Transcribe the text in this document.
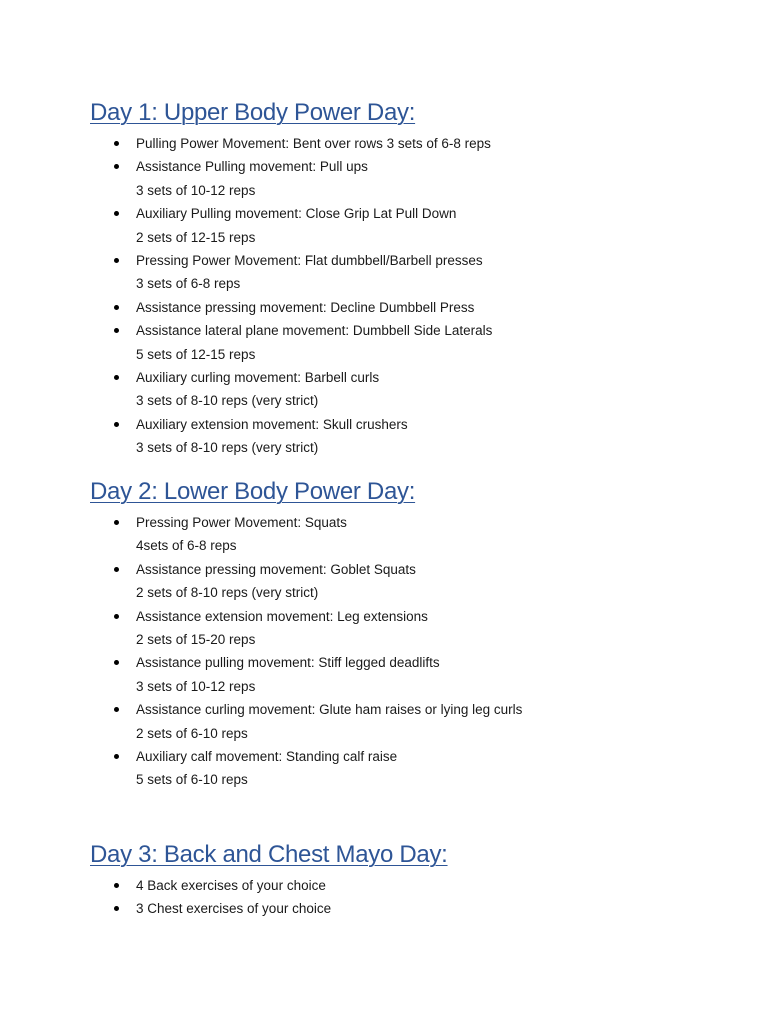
Day 1: Upper Body Power Day:
Pulling Power Movement: Bent over rows 3 sets of 6-8 reps
Assistance Pulling movement: Pull ups
3 sets of 10-12 reps
Auxiliary Pulling movement: Close Grip Lat Pull Down
2 sets of 12-15 reps
Pressing Power Movement: Flat dumbbell/Barbell presses
3 sets of 6-8 reps
Assistance pressing movement: Decline Dumbbell Press
Assistance lateral plane movement: Dumbbell Side Laterals
5 sets of 12-15 reps
Auxiliary curling movement: Barbell curls
3 sets of 8-10 reps (very strict)
Auxiliary extension movement: Skull crushers
3 sets of 8-10 reps (very strict)
Day 2: Lower Body Power Day:
Pressing Power Movement: Squats
4sets of 6-8 reps
Assistance pressing movement: Goblet Squats
2 sets of 8-10 reps (very strict)
Assistance extension movement: Leg extensions
2 sets of 15-20 reps
Assistance pulling movement: Stiff legged deadlifts
3 sets of 10-12 reps
Assistance curling movement: Glute ham raises or lying leg curls
2 sets of 6-10 reps
Auxiliary calf movement: Standing calf raise
5 sets of 6-10 reps
Day 3: Back and Chest Mayo Day:
4 Back exercises of your choice
3 Chest exercises of your choice
